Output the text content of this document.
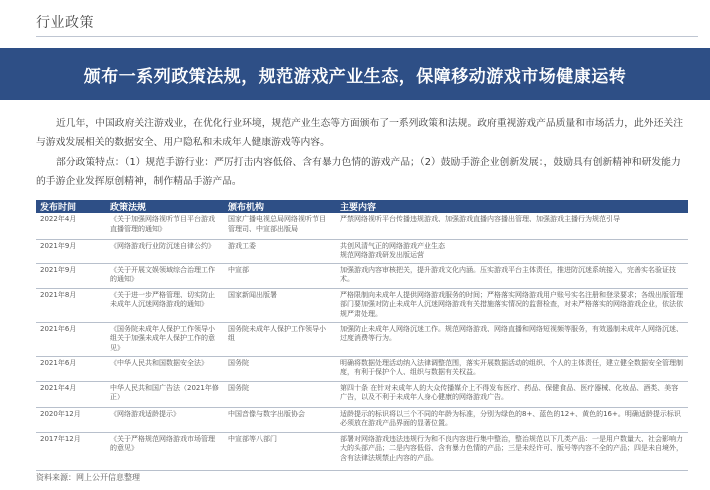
行业政策
颁布一系列政策法规，规范游戏产业生态，保障移动游戏市场健康运转

近几年，中国政府关注游戏业，在优化行业环境，规范产业生态等方面颁布了一系列政策和法规。政府重视游戏产品质量和市场活力，此外还关注与游戏发展相关的数据安全、用户隐私和未成年人健康游戏等内容。

部分政策特点：（1）规范手游行业：严厉打击内容低俗、含有暴力色情的游戏产品；（2）鼓励手游企业创新发展：，鼓励具有创新精神和研发能力的手游企业发挥原创精神，制作精品手游产品。

发布时间	政策法规	颁布机构	主要内容
2022年4月	《关于加强网络视听节目平台游戏直播管理的通知》	国家广播电视总局网络视听节目管理司、中宣部出版局	严禁网络视听平台传播违规游戏、加强游戏直播内容播出管理、加强游戏主播行为规范引导
2021年9月	《网络游戏行业防沉迷自律公约》	游戏工委	共创风清气正的网络游戏产业生态
规范网络游戏研发出版运营
2021年9月	《关于开展文娱领域综合治理工作的通知》	中宣部	加强游戏内容审核把关，提升游戏文化内涵。压实游戏平台主体责任，推进防沉迷系统接入，完善实名验证技术。
2021年8月	《关于进一步严格管理、切实防止未成年人沉迷网络游戏的通知》	国家新闻出版署	严格限制向未成年人提供网络游戏服务的时间；严格落实网络游戏用户账号实名注册和登录要求；各级出版管理部门要加强对防止未成年人沉迷网络游戏有关措施落实情况的监督检查，对未严格落实的网络游戏企业，依法依规严肃处理。
2021年6月	《国务院未成年人保护工作领导小组关于加强未成年人保护工作的意见》	国务院未成年人保护工作领导小组	加强防止未成年人网络沉迷工作。规范网络游戏、网络直播和网络短视频等服务，有效遏制未成年人网络沉迷、过度消费等行为。
2021年6月	《中华人民共和国数据安全法》	国务院	明确将数据处理活动纳入法律调整范围，落实开展数据活动的组织、个人的主体责任，建立健全数据安全管理制度，有利于保护个人、组织与数据有关权益。
2021年4月	中华人民共和国广告法（2021年修正）	国务院	第四十条 在针对未成年人的大众传播媒介上不得发布医疗、药品、保健食品、医疗器械、化妆品、酒类、美容广告，以及不利于未成年人身心健康的网络游戏广告。
2020年12月	《网络游戏适龄提示》	中国音像与数字出版协会	适龄提示的标识将以三个不同的年龄为标准，分别为绿色的8+、蓝色的12+、黄色的16+。明确适龄提示标识必须放在游戏产品界面的显著位置。
2017年12月	《关于严格规范网络游戏市场管理的意见》	中宣部等八部门	部署对网络游戏违法违规行为和不良内容进行集中整治，整治规范以下几类产品：一是用户数量大、社会影响力大的头部产品；二是内容低俗、含有暴力色情的产品；三是未经许可、版号等内容不全的产品；四是未自境外，含有法律法规禁止内容的产品。
资料来源：网上公开信息整理
